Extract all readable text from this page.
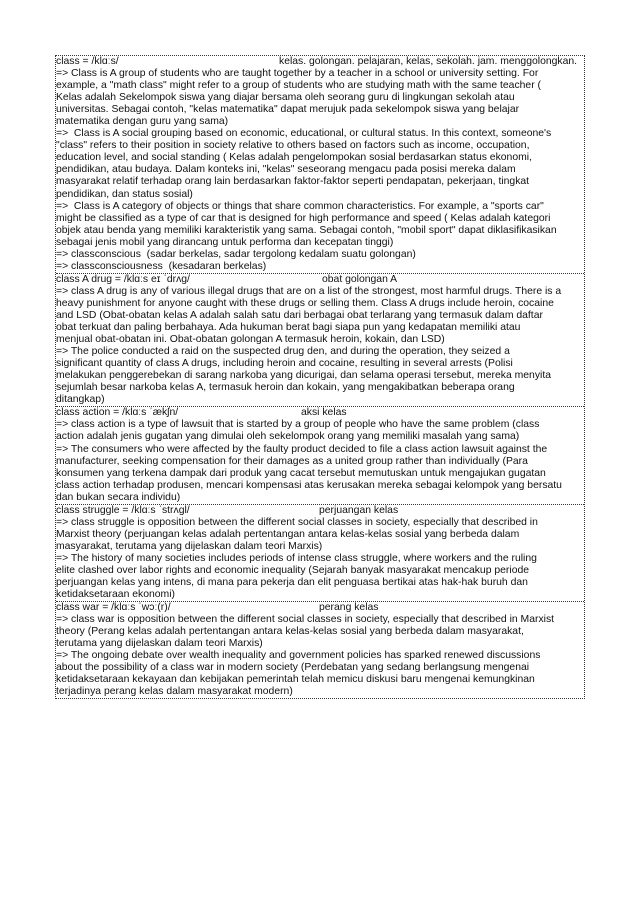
class = /klɑːs/	kelas. golongan. pelajaran, kelas, sekolah. jam. menggolongkan.
=> Class is A group of students who are taught together by a teacher in a school or university setting. For
example, a "math class" might refer to a group of students who are studying math with the same teacher (
Kelas adalah Sekelompok siswa yang diajar bersama oleh seorang guru di lingkungan sekolah atau
universitas. Sebagai contoh, "kelas matematika" dapat merujuk pada sekelompok siswa yang belajar
matematika dengan guru yang sama)
=>  Class is A social grouping based on economic, educational, or cultural status. In this context, someone's
"class" refers to their position in society relative to others based on factors such as income, occupation,
education level, and social standing ( Kelas adalah pengelompokan sosial berdasarkan status ekonomi,
pendidikan, atau budaya. Dalam konteks ini, "kelas" seseorang mengacu pada posisi mereka dalam
masyarakat relatif terhadap orang lain berdasarkan faktor-faktor seperti pendapatan, pekerjaan, tingkat
pendidikan, dan status sosial)
=>  Class is A category of objects or things that share common characteristics. For example, a "sports car"
might be classified as a type of car that is designed for high performance and speed ( Kelas adalah kategori
objek atau benda yang memiliki karakteristik yang sama. Sebagai contoh, "mobil sport" dapat diklasifikasikan
sebagai jenis mobil yang dirancang untuk performa dan kecepatan tinggi)
=> classconscious  (sadar berkelas, sadar tergolong kedalam suatu golongan)
=> classconsciousness  (kesadaran berkelas)
class A drug = /klɑːs eɪ ˈdrʌɡ/	obat golongan A
=> class A drug is any of various illegal drugs that are on a list of the strongest, most harmful drugs. There is a
heavy punishment for anyone caught with these drugs or selling them. Class A drugs include heroin, cocaine
and LSD (Obat-obatan kelas A adalah salah satu dari berbagai obat terlarang yang termasuk dalam daftar
obat terkuat dan paling berbahaya. Ada hukuman berat bagi siapa pun yang kedapatan memiliki atau
menjual obat-obatan ini. Obat-obatan golongan A termasuk heroin, kokain, dan LSD)
=> The police conducted a raid on the suspected drug den, and during the operation, they seized a
significant quantity of class A drugs, including heroin and cocaine, resulting in several arrests (Polisi
melakukan penggerebekan di sarang narkoba yang dicurigai, dan selama operasi tersebut, mereka menyita
sejumlah besar narkoba kelas A, termasuk heroin dan kokain, yang mengakibatkan beberapa orang
ditangkap)
class action = /klɑːs ˈækʃn/	aksi kelas
=> class action is a type of lawsuit that is started by a group of people who have the same problem (class
action adalah jenis gugatan yang dimulai oleh sekelompok orang yang memiliki masalah yang sama)
=> The consumers who were affected by the faulty product decided to file a class action lawsuit against the
manufacturer, seeking compensation for their damages as a united group rather than individually (Para
konsumen yang terkena dampak dari produk yang cacat tersebut memutuskan untuk mengajukan gugatan
class action terhadap produsen, mencari kompensasi atas kerusakan mereka sebagai kelompok yang bersatu
dan bukan secara individu)
class struggle = /klɑːs ˈstrʌɡl/	perjuangan kelas
=> class struggle is opposition between the different social classes in society, especially that described in
Marxist theory (perjuangan kelas adalah pertentangan antara kelas-kelas sosial yang berbeda dalam
masyarakat, terutama yang dijelaskan dalam teori Marxis)
=> The history of many societies includes periods of intense class struggle, where workers and the ruling
elite clashed over labor rights and economic inequality (Sejarah banyak masyarakat mencakup periode
perjuangan kelas yang intens, di mana para pekerja dan elit penguasa bertikai atas hak-hak buruh dan
ketidaksetaraan ekonomi)
class war = /klɑːs ˈwɔː(r)/	perang kelas
=> class war is opposition between the different social classes in society, especially that described in Marxist
theory (Perang kelas adalah pertentangan antara kelas-kelas sosial yang berbeda dalam masyarakat,
terutama yang dijelaskan dalam teori Marxis)
=> The ongoing debate over wealth inequality and government policies has sparked renewed discussions
about the possibility of a class war in modern society (Perdebatan yang sedang berlangsung mengenai
ketidaksetaraan kekayaan dan kebijakan pemerintah telah memicu diskusi baru mengenai kemungkinan
terjadinya perang kelas dalam masyarakat modern)
